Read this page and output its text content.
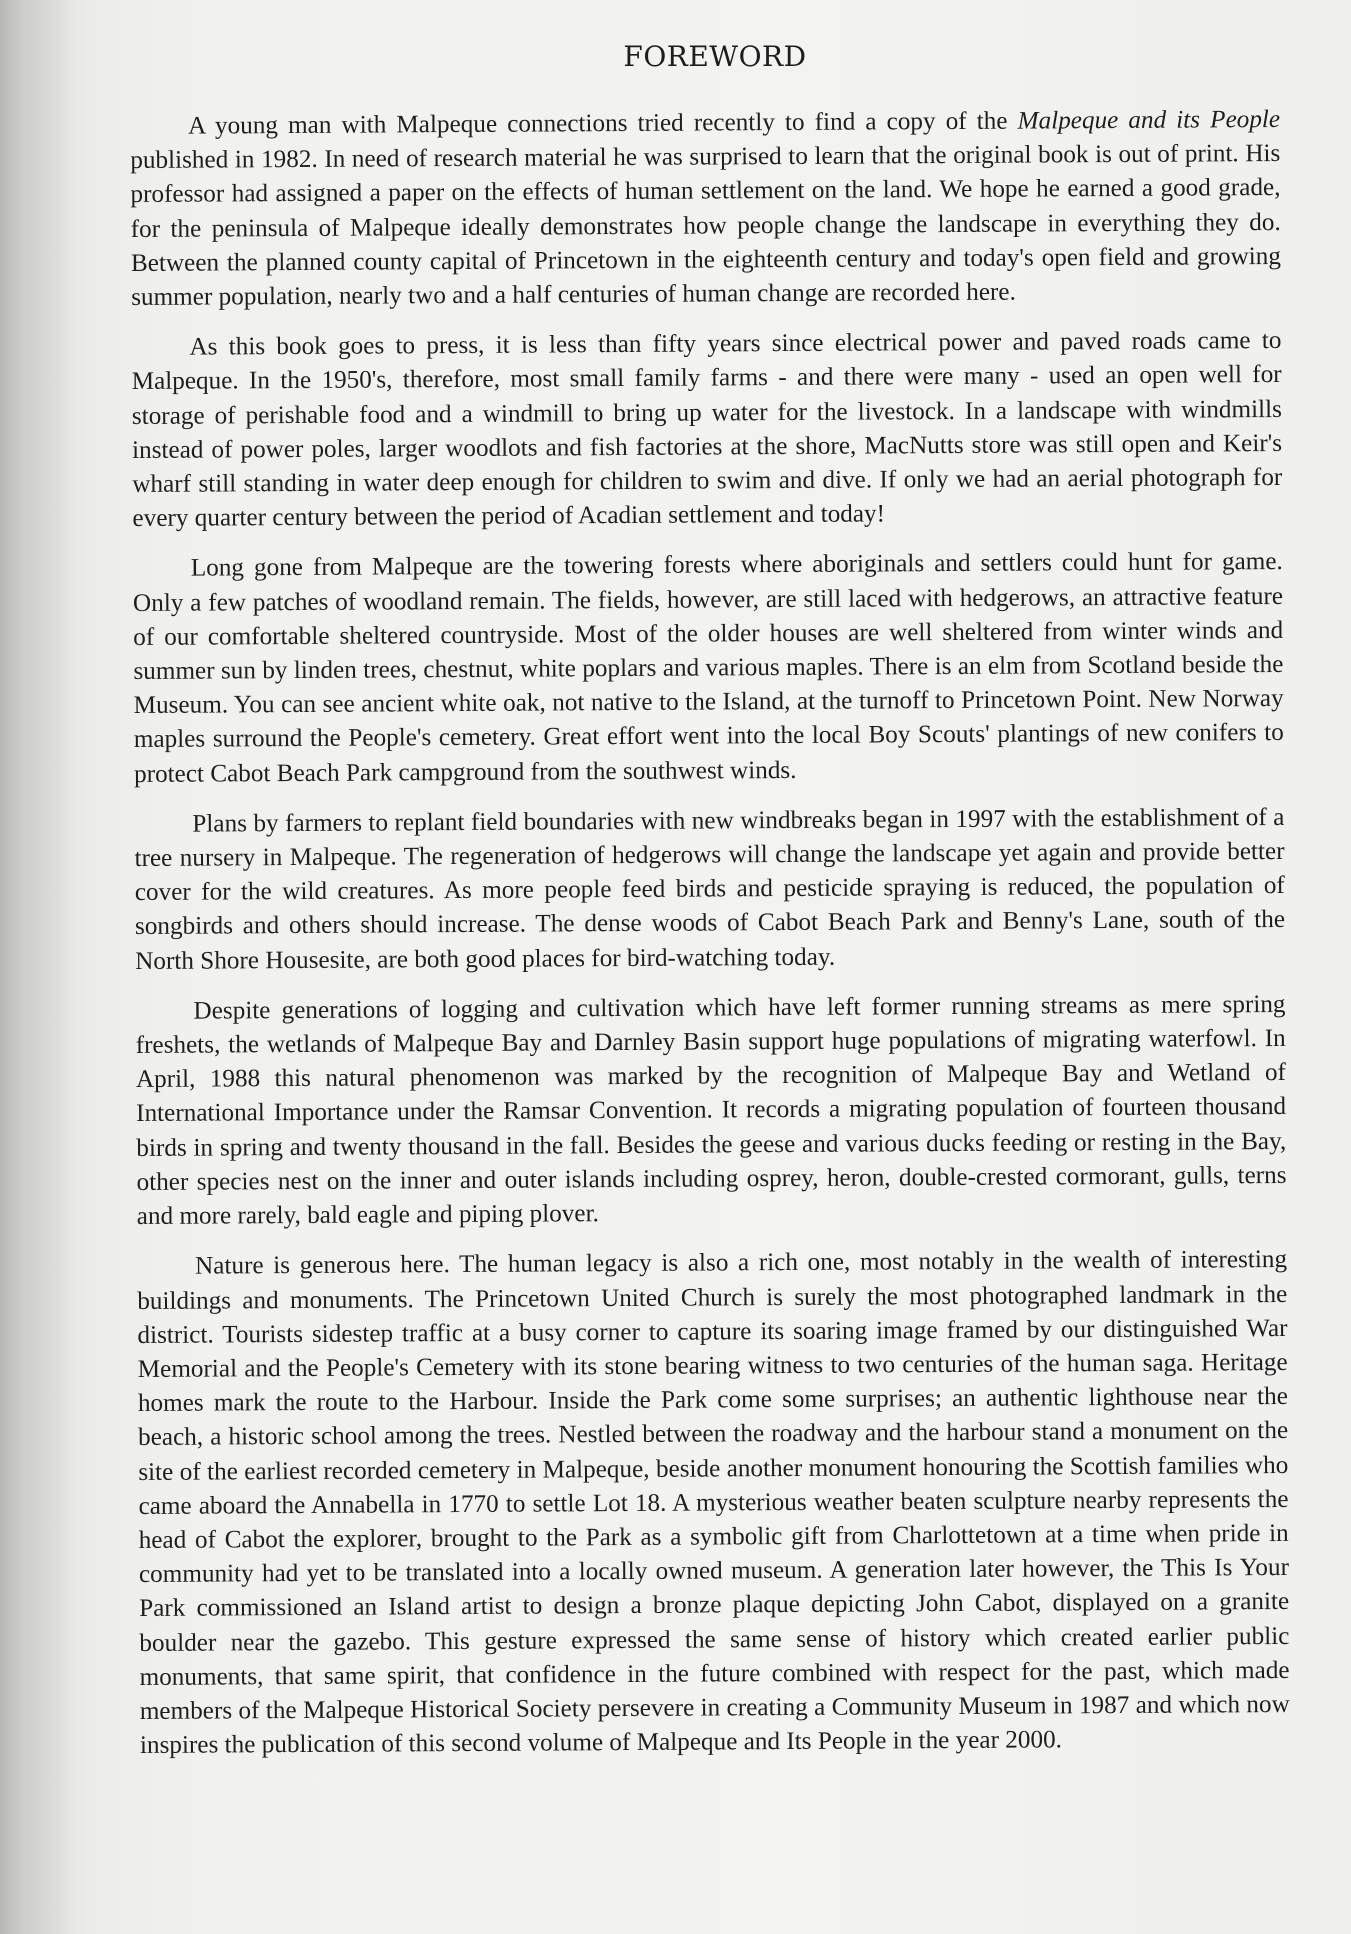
FOREWORD

A young man with Malpeque connections tried recently to find a copy of the Malpeque and its People published in 1982. In need of research material he was surprised to learn that the original book is out of print. His professor had assigned a paper on the effects of human settlement on the land. We hope he earned a good grade, for the peninsula of Malpeque ideally demonstrates how people change the landscape in everything they do. Between the planned county capital of Princetown in the eighteenth century and today's open field and growing summer population, nearly two and a half centuries of human change are recorded here.

As this book goes to press, it is less than fifty years since electrical power and paved roads came to Malpeque. In the 1950's, therefore, most small family farms - and there were many - used an open well for storage of perishable food and a windmill to bring up water for the livestock. In a landscape with windmills instead of power poles, larger woodlots and fish factories at the shore, MacNutts store was still open and Keir's wharf still standing in water deep enough for children to swim and dive. If only we had an aerial photograph for every quarter century between the period of Acadian settlement and today!

Long gone from Malpeque are the towering forests where aboriginals and settlers could hunt for game. Only a few patches of woodland remain. The fields, however, are still laced with hedgerows, an attractive feature of our comfortable sheltered countryside. Most of the older houses are well sheltered from winter winds and summer sun by linden trees, chestnut, white poplars and various maples. There is an elm from Scotland beside the Museum. You can see ancient white oak, not native to the Island, at the turnoff to Princetown Point. New Norway maples surround the People's cemetery. Great effort went into the local Boy Scouts' plantings of new conifers to protect Cabot Beach Park campground from the southwest winds.

Plans by farmers to replant field boundaries with new windbreaks began in 1997 with the establishment of a tree nursery in Malpeque. The regeneration of hedgerows will change the landscape yet again and provide better cover for the wild creatures. As more people feed birds and pesticide spraying is reduced, the population of songbirds and others should increase. The dense woods of Cabot Beach Park and Benny's Lane, south of the North Shore Housesite, are both good places for bird-watching today.

Despite generations of logging and cultivation which have left former running streams as mere spring freshets, the wetlands of Malpeque Bay and Darnley Basin support huge populations of migrating waterfowl. In April, 1988 this natural phenomenon was marked by the recognition of Malpeque Bay and Wetland of International Importance under the Ramsar Convention. It records a migrating population of fourteen thousand birds in spring and twenty thousand in the fall. Besides the geese and various ducks feeding or resting in the Bay, other species nest on the inner and outer islands including osprey, heron, double-crested cormorant, gulls, terns and more rarely, bald eagle and piping plover.

Nature is generous here. The human legacy is also a rich one, most notably in the wealth of interesting buildings and monuments. The Princetown United Church is surely the most photographed landmark in the district. Tourists sidestep traffic at a busy corner to capture its soaring image framed by our distinguished War Memorial and the People's Cemetery with its stone bearing witness to two centuries of the human saga. Heritage homes mark the route to the Harbour. Inside the Park come some surprises; an authentic lighthouse near the beach, a historic school among the trees. Nestled between the roadway and the harbour stand a monument on the site of the earliest recorded cemetery in Malpeque, beside another monument honouring the Scottish families who came aboard the Annabella in 1770 to settle Lot 18. A mysterious weather beaten sculpture nearby represents the head of Cabot the explorer, brought to the Park as a symbolic gift from Charlottetown at a time when pride in community had yet to be translated into a locally owned museum. A generation later however, the This Is Your Park commissioned an Island artist to design a bronze plaque depicting John Cabot, displayed on a granite boulder near the gazebo. This gesture expressed the same sense of history which created earlier public monuments, that same spirit, that confidence in the future combined with respect for the past, which made members of the Malpeque Historical Society persevere in creating a Community Museum in 1987 and which now inspires the publication of this second volume of Malpeque and Its People in the year 2000.
